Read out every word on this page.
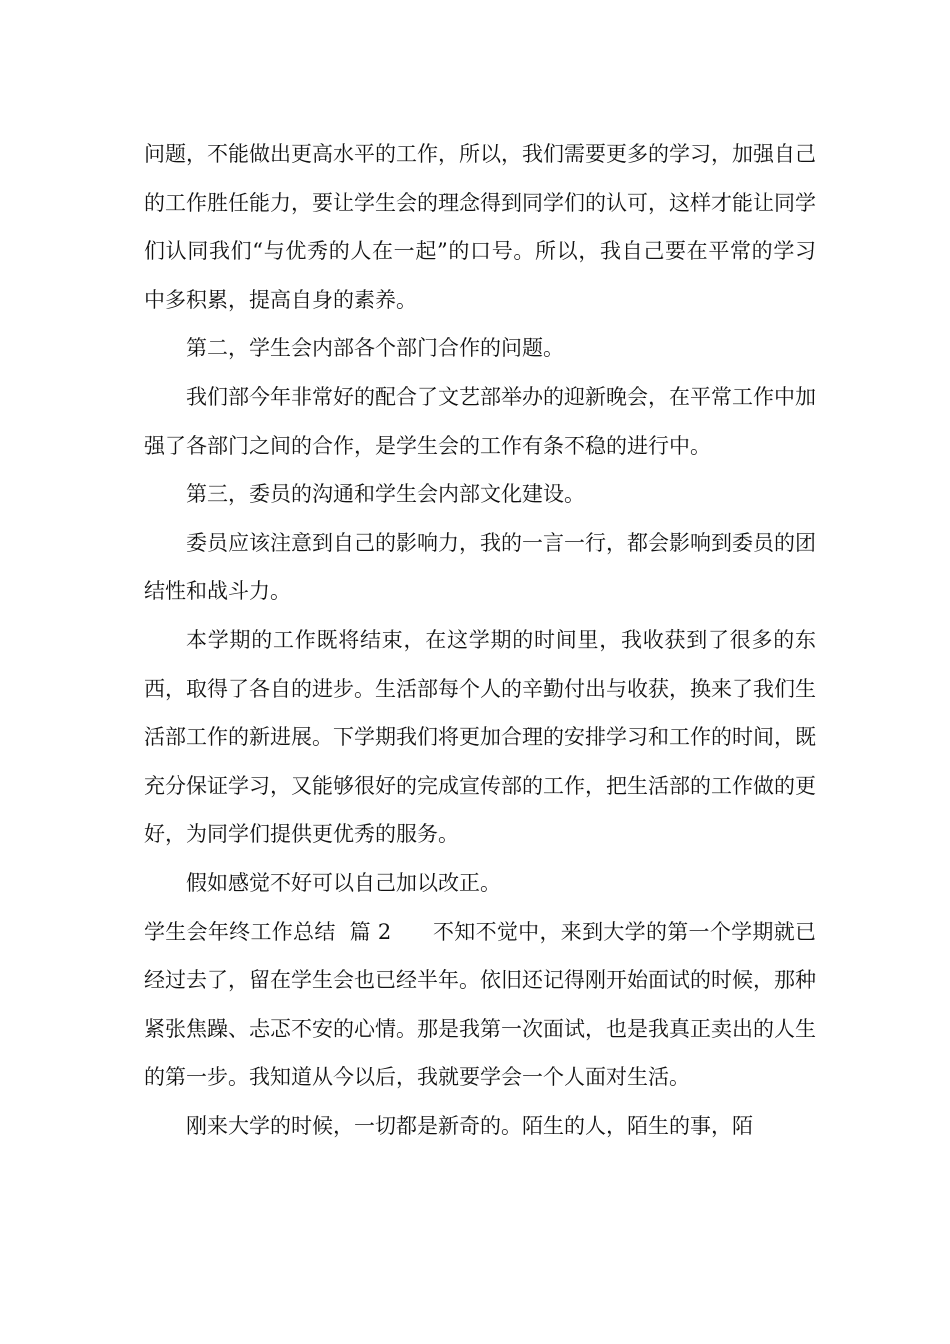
问题，不能做出更高水平的工作，所以，我们需要更多的学习，加强自己的工作胜任能力，要让学生会的理念得到同学们的认可，这样才能让同学们认同我们“与优秀的人在一起”的口号。所以，我自己要在平常的学习中多积累，提高自身的素养。

第二，学生会内部各个部门合作的问题。

我们部今年非常好的配合了文艺部举办的迎新晚会，在平常工作中加强了各部门之间的合作，是学生会的工作有条不稳的进行中。

第三，委员的沟通和学生会内部文化建设。

委员应该注意到自己的影响力，我的一言一行，都会影响到委员的团结性和战斗力。

本学期的工作既将结束，在这学期的时间里，我收获到了很多的东西，取得了各自的进步。生活部每个人的辛勤付出与收获，换来了我们生活部工作的新进展。下学期我们将更加合理的安排学习和工作的时间，既充分保证学习，又能够很好的完成宣传部的工作，把生活部的工作做的更好，为同学们提供更优秀的服务。

假如感觉不好可以自己加以改正。

学生会年终工作总结  篇 2 不知不觉中，来到大学的第一个学期就已经过去了，留在学生会也已经半年。依旧还记得刚开始面试的时候，那种紧张焦躁、忐忑不安的心情。那是我第一次面试，也是我真正卖出的人生的第一步。我知道从今以后，我就要学会一个人面对生活。

刚来大学的时候，一切都是新奇的。陌生的人，陌生的事，陌
